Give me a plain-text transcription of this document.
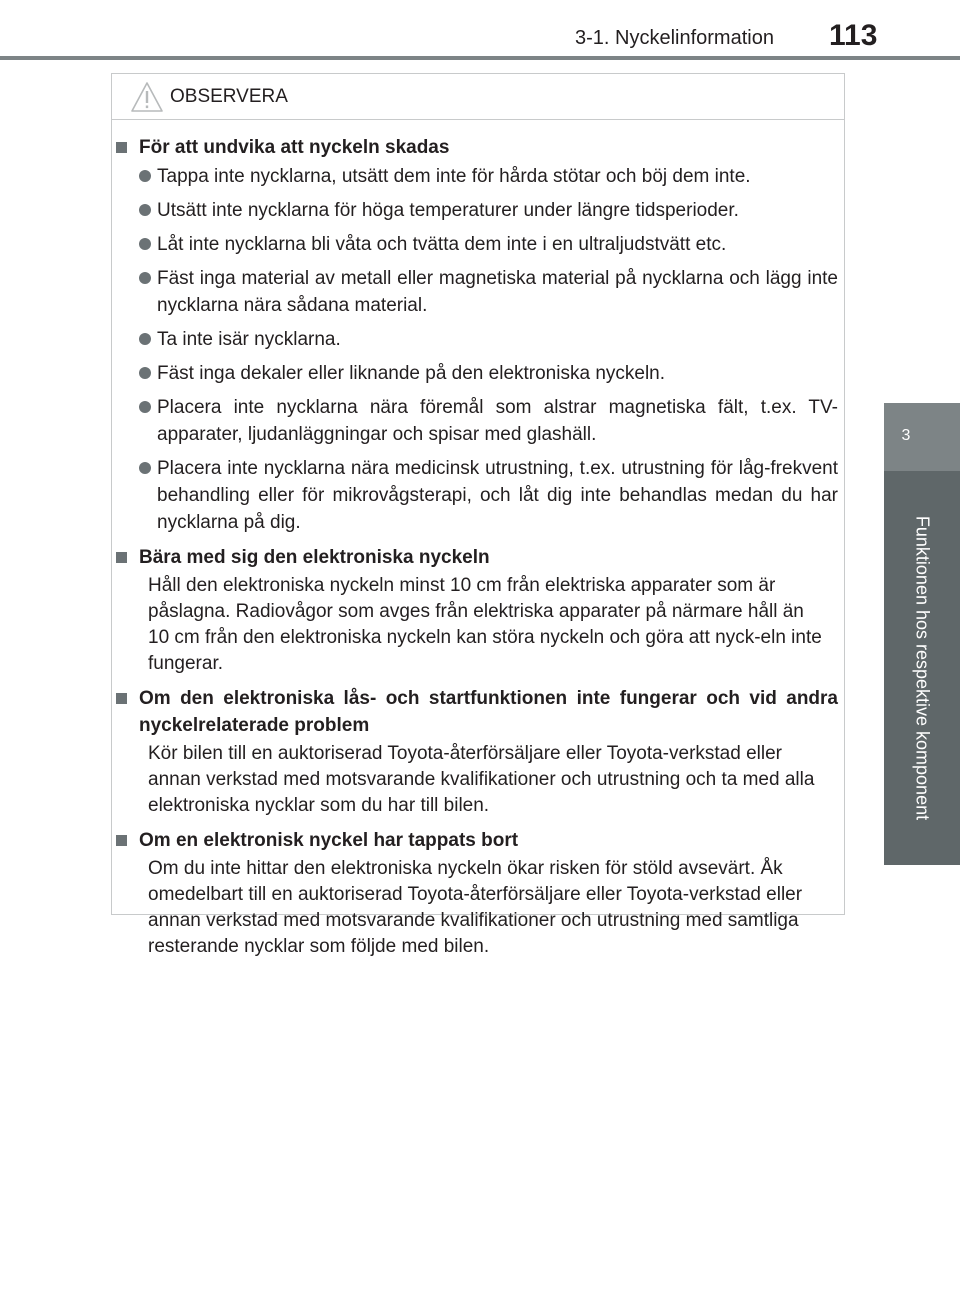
3-1. Nyckelinformation 113
3
Funktionen hos respektive komponent
OBSERVERA
För att undvika att nyckeln skadas
Tappa inte nycklarna, utsätt dem inte för hårda stötar och böj dem inte.
Utsätt inte nycklarna för höga temperaturer under längre tidsperioder.
Låt inte nycklarna bli våta och tvätta dem inte i en ultraljudstvätt etc.
Fäst inga material av metall eller magnetiska material på nycklarna och lägg inte nycklarna nära sådana material.
Ta inte isär nycklarna.
Fäst inga dekaler eller liknande på den elektroniska nyckeln.
Placera inte nycklarna nära föremål som alstrar magnetiska fält, t.ex. TV-apparater, ljudanläggningar och spisar med glashäll.
Placera inte nycklarna nära medicinsk utrustning, t.ex. utrustning för låg-frekvent behandling eller för mikrovågsterapi, och låt dig inte behandlas medan du har nycklarna på dig.
Bära med sig den elektroniska nyckeln
Håll den elektroniska nyckeln minst 10 cm från elektriska apparater som är påslagna. Radiovågor som avges från elektriska apparater på närmare håll än 10 cm från den elektroniska nyckeln kan störa nyckeln och göra att nyck-eln inte fungerar.
Om den elektroniska lås- och startfunktionen inte fungerar och vid andra nyckelrelaterade problem
Kör bilen till en auktoriserad Toyota-återförsäljare eller Toyota-verkstad eller annan verkstad med motsvarande kvalifikationer och utrustning och ta med alla elektroniska nycklar som du har till bilen.
Om en elektronisk nyckel har tappats bort
Om du inte hittar den elektroniska nyckeln ökar risken för stöld avsevärt. Åk omedelbart till en auktoriserad Toyota-återförsäljare eller Toyota-verkstad eller annan verkstad med motsvarande kvalifikationer och utrustning med samtliga resterande nycklar som följde med bilen.
